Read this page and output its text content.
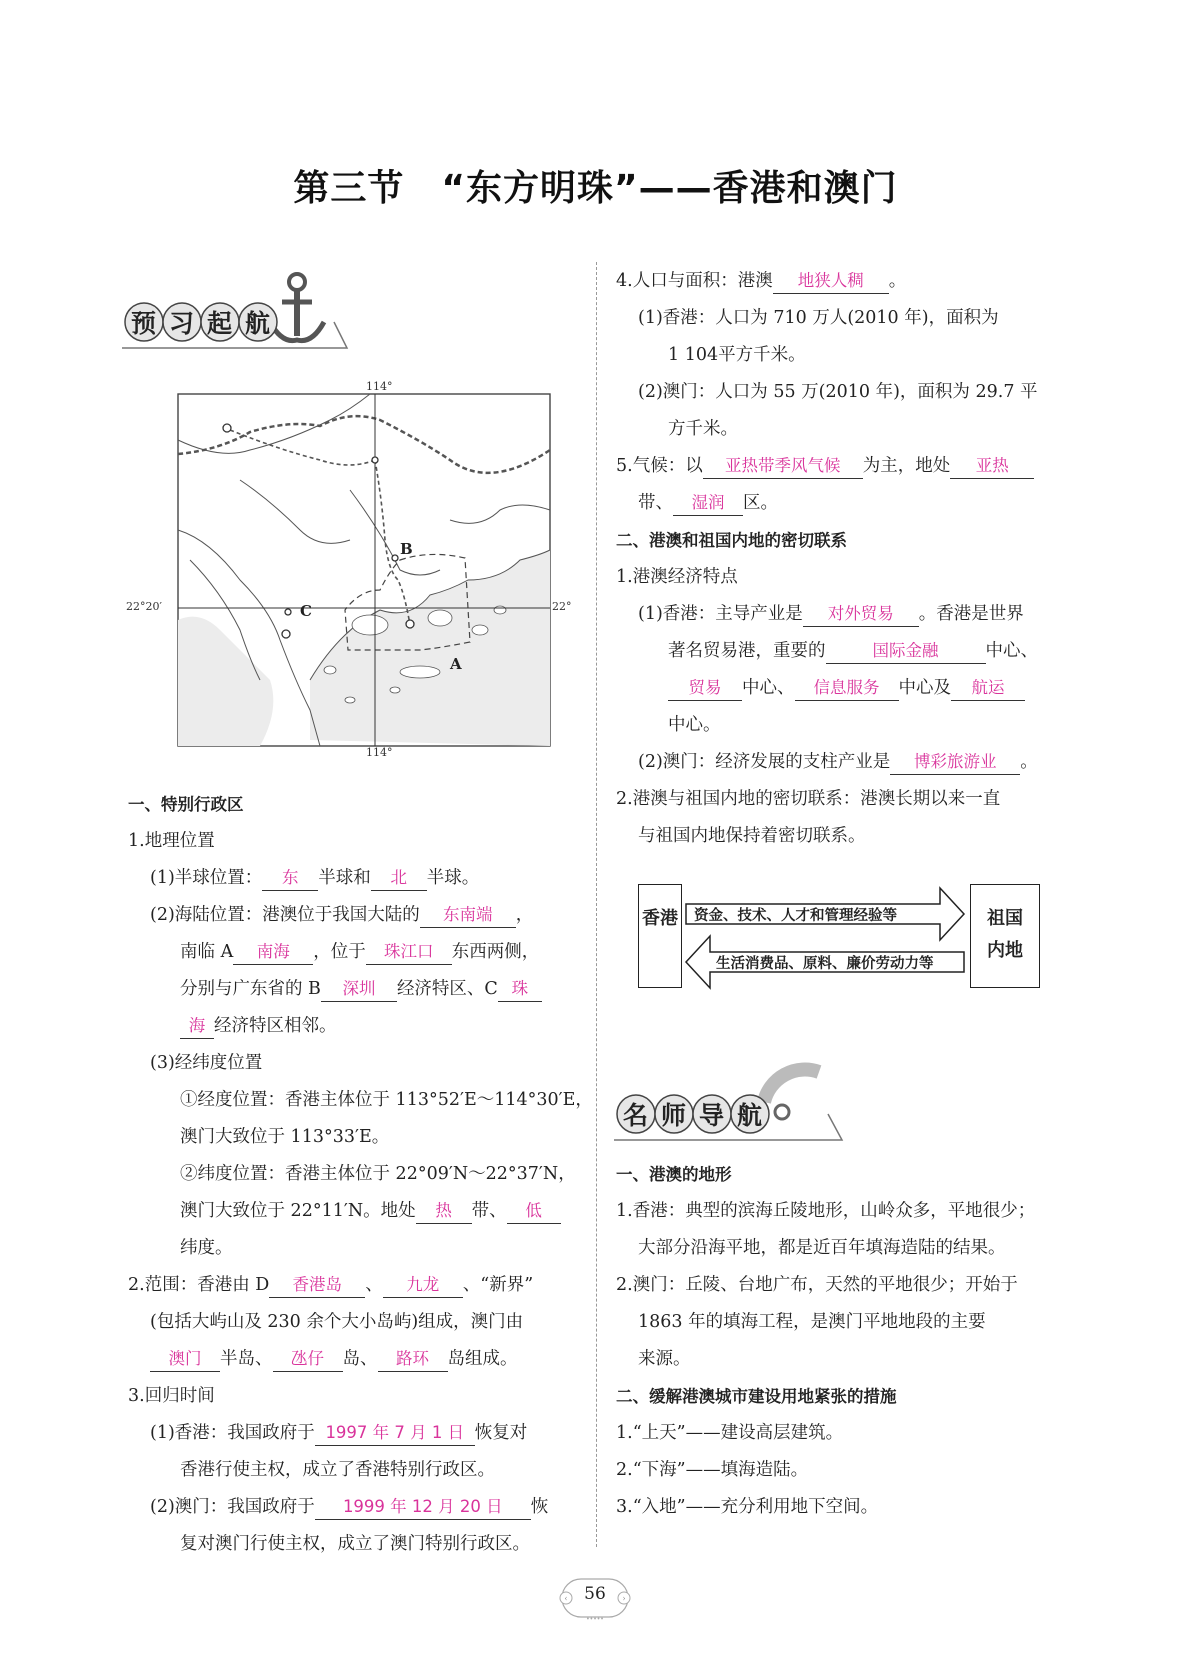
第三节　“东方明珠”——香港和澳门
预习起航
114°
114°
22°20′	22°
A
B
C

一、特别行政区

1.地理位置

(1)半球位置： 东 半球和 北 半球。

(2)海陆位置：港澳位于我国大陆的 东南端 ，

南临 A 南海 ，位于 珠江口 东西两侧，

分别与广东省的 B 深圳 经济特区、C 珠

海 经济特区相邻。

(3)经纬度位置

①经度位置：香港主体位于 113°52′E～114°30′E，

澳门大致位于 113°33′E。

②纬度位置：香港主体位于 22°09′N～22°37′N，

澳门大致位于 22°11′N。地处 热 带、 低

纬度。

2.范围：香港由 D 香港岛 、 九龙 、“新界”

(包括大屿山及 230 余个大小岛屿)组成，澳门由

澳门 半岛、 氹仔 岛、 路环 岛组成。

3.回归时间

(1)香港：我国政府于 1997 年 7 月 1 日 恢复对

香港行使主权，成立了香港特别行政区。

(2)澳门：我国政府于 1999 年 12 月 20 日 恢

复对澳门行使主权，成立了澳门特别行政区。

4.人口与面积：港澳 地狭人稠 。

(1)香港：人口为 710 万人(2010 年)，面积为

1 104平方千米。

(2)澳门：人口为 55 万(2010 年)，面积为 29.7 平

方千米。

5.气候：以 亚热带季风气候 为主，地处 亚热

带、 湿润 区。

二、港澳和祖国内地的密切联系

1.港澳经济特点

(1)香港：主导产业是 对外贸易 。香港是世界

著名贸易港，重要的	国际金融	中心、

贸易 中心、 信息服务 中心及 航运

中心。

(2)澳门：经济发展的支柱产业是 博彩旅游业 。

2.港澳与祖国内地的密切联系：港澳长期以来一直

与祖国内地保持着密切联系。

香港	祖国内地
资金、技术、人才和管理经验等
生活消费品、原料、廉价劳动力等
名师导航

一、港澳的地形

1.香港：典型的滨海丘陵地形，山岭众多，平地很少；

大部分沿海平地，都是近百年填海造陆的结果。

2.澳门：丘陵、台地广布，天然的平地很少；开始于

1863 年的填海工程，是澳门平地地段的主要

来源。

二、缓解港澳城市建设用地紧张的措施

1.“上天”——建设高层建筑。

2.“下海”——填海造陆。

3.“入地”——充分利用地下空间。

‹	›
•••••
56
